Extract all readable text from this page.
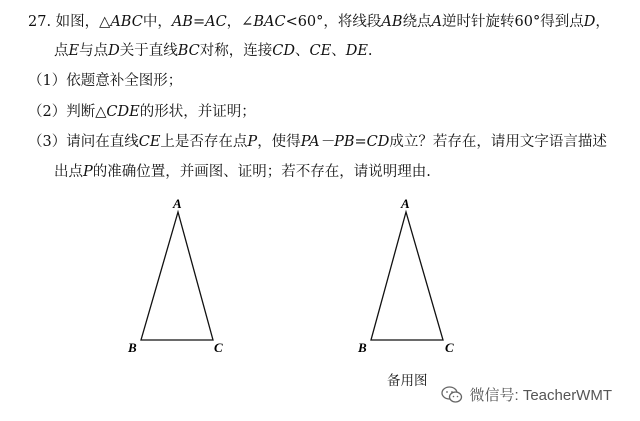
27. 如图，△ABC中，AB=AC，∠BAC<60°，将线段AB绕点A逆时针旋转60°得到点D，
点E与点D关于直线BC对称，连接CD、CE、DE.
（1）依题意补全图形；
（2）判断△CDE的形状，并证明；
（3）请问在直线CE上是否存在点P，使得PA－PB=CD成立？若存在，请用文字语言描述
出点P的准确位置，并画图、证明；若不存在，请说明理由.
A
B	C
A
B	C
备用图
微信号: TeacherWMT
